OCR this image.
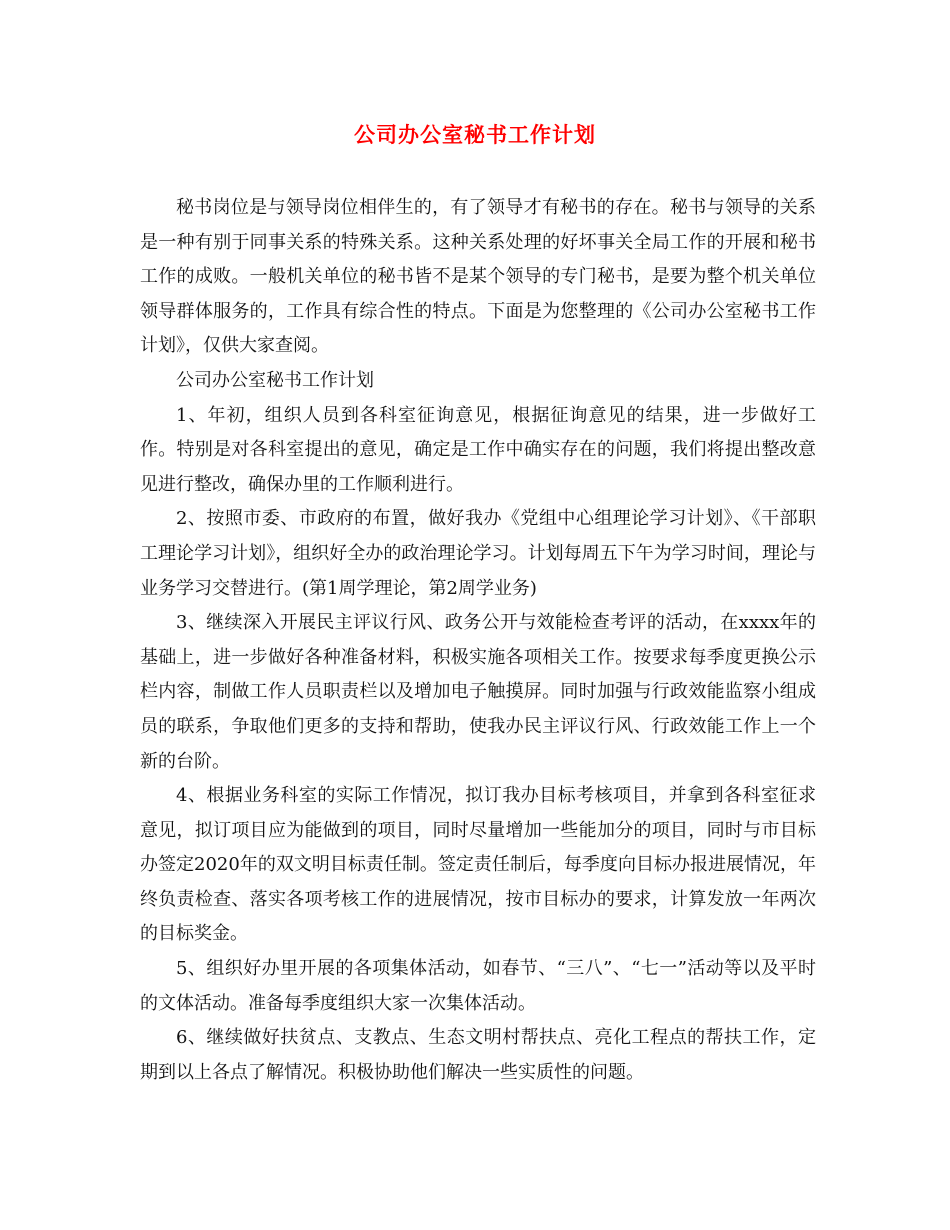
公司办公室秘书工作计划

秘书岗位是与领导岗位相伴生的，有了领导才有秘书的存在。秘书与领导的关系是一种有别于同事关系的特殊关系。这种关系处理的好坏事关全局工作的开展和秘书工作的成败。一般机关单位的秘书皆不是某个领导的专门秘书，是要为整个机关单位领导群体服务的，工作具有综合性的特点。下面是为您整理的《公司办公室秘书工作计划》，仅供大家查阅。

公司办公室秘书工作计划

1、年初，组织人员到各科室征询意见，根据征询意见的结果，进一步做好工作。特别是对各科室提出的意见，确定是工作中确实存在的问题，我们将提出整改意见进行整改，确保办里的工作顺利进行。

2、按照市委、市政府的布置，做好我办《党组中心组理论学习计划》、《干部职工理论学习计划》，组织好全办的政治理论学习。计划每周五下午为学习时间，理论与业务学习交替进行。(第1周学理论，第2周学业务)

3、继续深入开展民主评议行风、政务公开与效能检查考评的活动，在xxxx年的基础上，进一步做好各种准备材料，积极实施各项相关工作。按要求每季度更换公示栏内容，制做工作人员职责栏以及增加电子触摸屏。同时加强与行政效能监察小组成员的联系，争取他们更多的支持和帮助，使我办民主评议行风、行政效能工作上一个新的台阶。

4、根据业务科室的实际工作情况，拟订我办目标考核项目，并拿到各科室征求意见，拟订项目应为能做到的项目，同时尽量增加一些能加分的项目，同时与市目标办签定2020年的双文明目标责任制。签定责任制后，每季度向目标办报进展情况，年终负责检查、落实各项考核工作的进展情况，按市目标办的要求，计算发放一年两次的目标奖金。

5、组织好办里开展的各项集体活动，如春节、“三八”、“七一”活动等以及平时的文体活动。准备每季度组织大家一次集体活动。

6、继续做好扶贫点、支教点、生态文明村帮扶点、亮化工程点的帮扶工作，定期到以上各点了解情况。积极协助他们解决一些实质性的问题。
